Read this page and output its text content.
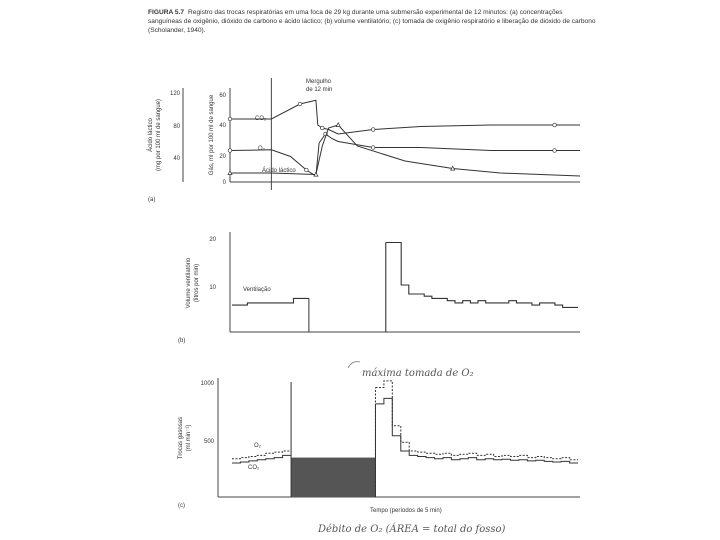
FIGURA 5.7 Registro das trocas respiratórias em uma foca de 29 kg durante uma submersão experimental de 12 minutos: (a) concentrações sanguíneas de oxigênio, dióxido de carbono e ácido láctico; (b) volume ventilatório; (c) tomada de oxigênio respiratório e liberação de dióxido de carbono (Scholander, 1940).
120
80
40
Ácido láctico (mg por 100 ml de sangue)
60
40
20
0
Gás, ml por 100 ml de sangue
Mergulho
de 12 min
CO₂
O₂
Ácido láctico
(a)
20
10
Volume ventilatório (litros por min)	Ventilação
(b)
1000
500
Trocas gasosas (ml min⁻¹)	O₂
CO₂
(c)
Tempo (períodos de 5 min)
máxima tomada de O₂
Débito de O₂ (ÁREA = total do fosso)
